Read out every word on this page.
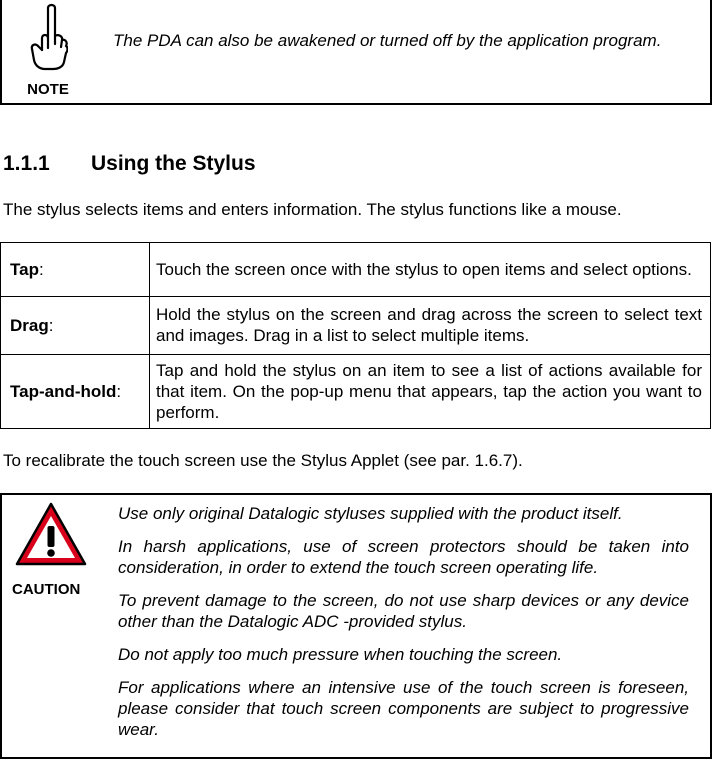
NOTE

The PDA can also be awakened or turned off by the application program.

1.1.1 Using the Stylus

The stylus selects items and enters information. The stylus functions like a mouse.

Tap:	Touch the screen once with the stylus to open items and select options.
Drag:	Hold the stylus on the screen and drag across the screen to select text and images. Drag in a list to select multiple items.
Tap-and-hold:	Tap and hold the stylus on an item to see a list of actions available for that item. On the pop-up menu that appears, tap the action you want to perform.

To recalibrate the touch screen use the Stylus Applet (see par. 1.6.7).

CAUTION

Use only original Datalogic styluses supplied with the product itself.

In harsh applications, use of screen protectors should be taken into consideration, in order to extend the touch screen operating life.

To prevent damage to the screen, do not use sharp devices or any device other than the Datalogic ADC -provided stylus.

Do not apply too much pressure when touching the screen.

For applications where an intensive use of the touch screen is foreseen, please consider that touch screen components are subject to progressive wear.
